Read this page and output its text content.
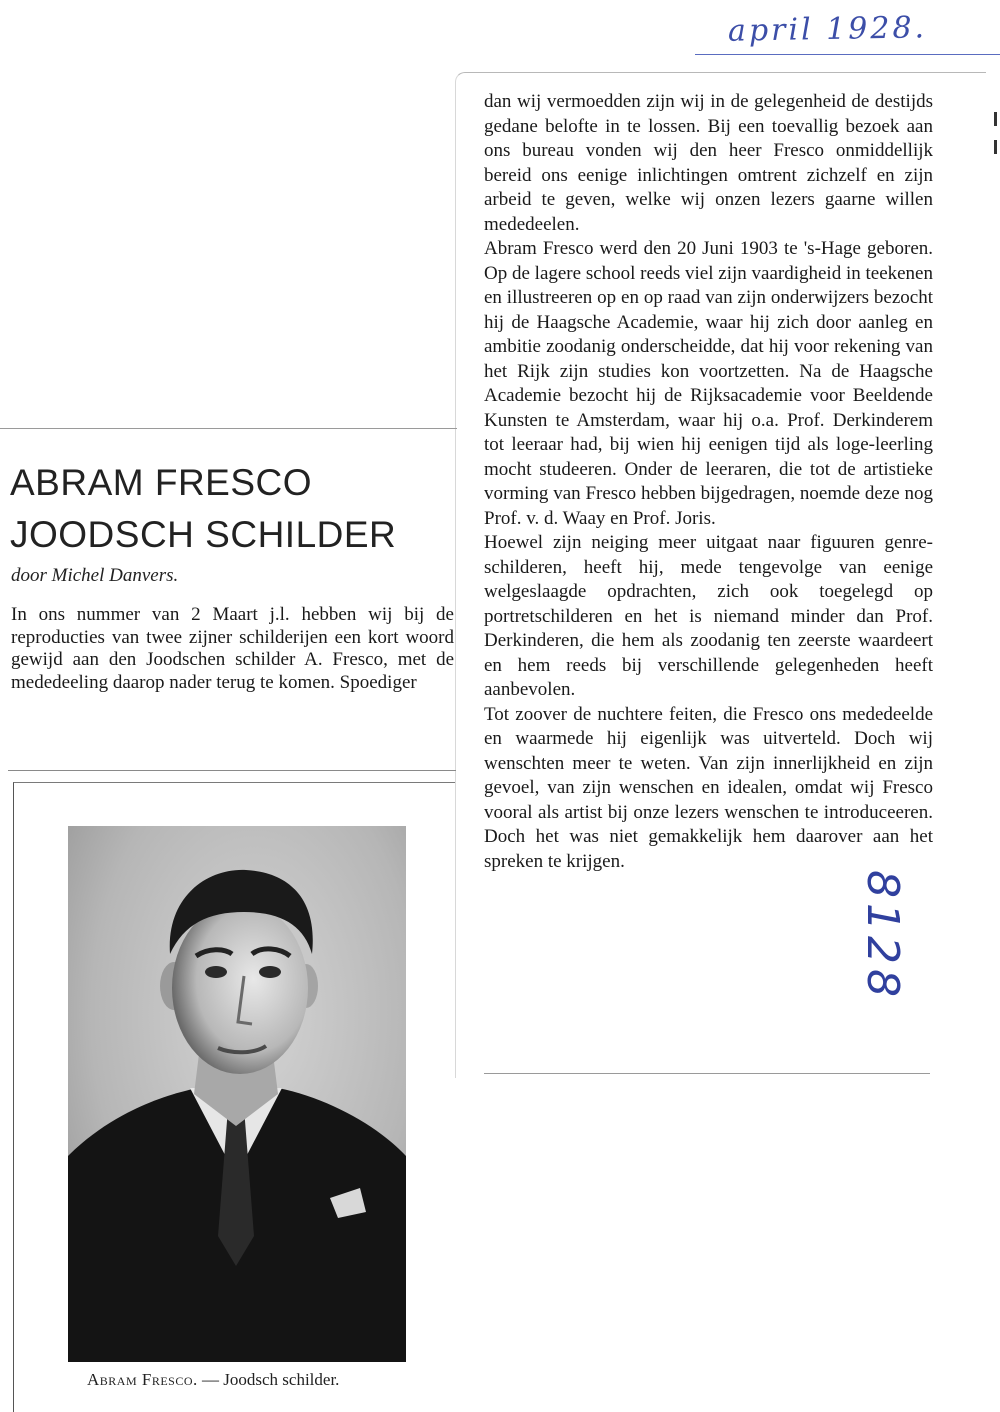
april 1928.
8128
ABRAM FRESCO
JOODSCH SCHILDER
door Michel Danvers.

In ons nummer van 2 Maart j.l. hebben wij bij de reproducties van twee zijner schilderijen een kort woord gewijd aan den Joodschen schilder A. Fresco, met de mededeeling daarop nader terug te komen. Spoediger

dan wij vermoedden zijn wij in de gelegenheid de destijds gedane belofte in te lossen. Bij een toevallig bezoek aan ons bureau vonden wij den heer Fresco onmiddellijk bereid ons eenige inlichtingen omtrent zichzelf en zijn arbeid te geven, welke wij onzen lezers gaarne willen mededeelen.

Abram Fresco werd den 20 Juni 1903 te 's-Hage geboren. Op de lagere school reeds viel zijn vaardigheid in teekenen en illustreeren op en op raad van zijn onderwijzers bezocht hij de Haagsche Academie, waar hij zich door aanleg en ambitie zoodanig onderscheidde, dat hij voor rekening van het Rijk zijn studies kon voortzetten. Na de Haagsche Academie bezocht hij de Rijksacademie voor Beeldende Kunsten te Amsterdam, waar hij o.a. Prof. Derkinderem tot leeraar had, bij wien hij eenigen tijd als loge-leerling mocht studeeren. Onder de leeraren, die tot de artistieke vorming van Fresco hebben bijgedragen, noemde deze nog Prof. v. d. Waay en Prof. Joris.

Hoewel zijn neiging meer uitgaat naar figuuren genre-schilderen, heeft hij, mede tengevolge van eenige welgeslaagde opdrachten, zich ook toegelegd op portretschilderen en het is niemand minder dan Prof. Derkinderen, die hem als zoodanig ten zeerste waardeert en hem reeds bij verschillende gelegenheden heeft aanbevolen.

Tot zoover de nuchtere feiten, die Fresco ons mededeelde en waarmede hij eigenlijk was uitverteld. Doch wij wenschten meer te weten. Van zijn innerlijkheid en zijn gevoel, van zijn wenschen en idealen, omdat wij Fresco vooral als artist bij onze lezers wenschen te introduceeren. Doch het was niet gemakkelijk hem daarover aan het spreken te krijgen.

Abram Fresco. — Joodsch schilder.
